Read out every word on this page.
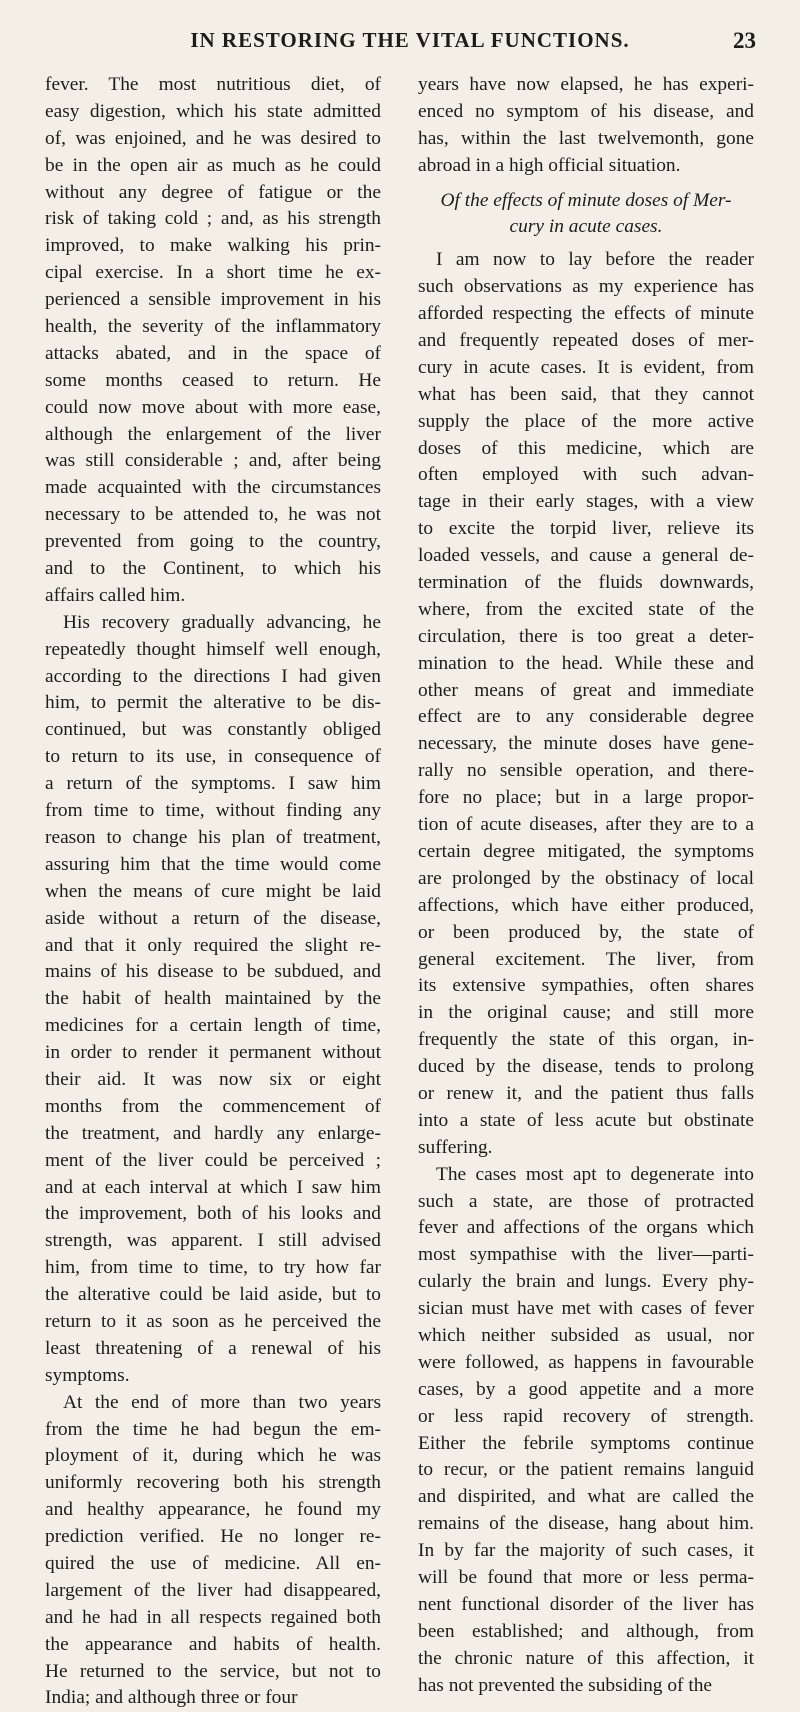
IN RESTORING THE VITAL FUNCTIONS.	23
fever. The most nutritious diet, of
easy digestion, which his state admitted
of, was enjoined, and he was desired to
be in the open air as much as he could
without any degree of fatigue or the
risk of taking cold ; and, as his strength
improved, to make walking his prin-
cipal exercise. In a short time he ex-
perienced a sensible improvement in his
health, the severity of the inflammatory
attacks abated, and in the space of
some months ceased to return. He
could now move about with more ease,
although the enlargement of the liver
was still considerable ; and, after being
made acquainted with the circumstances
necessary to be attended to, he was not
prevented from going to the country,
and to the Continent, to which his
affairs called him.
His recovery gradually advancing, he
repeatedly thought himself well enough,
according to the directions I had given
him, to permit the alterative to be dis-
continued, but was constantly obliged
to return to its use, in consequence of
a return of the symptoms. I saw him
from time to time, without finding any
reason to change his plan of treatment,
assuring him that the time would come
when the means of cure might be laid
aside without a return of the disease,
and that it only required the slight re-
mains of his disease to be subdued, and
the habit of health maintained by the
medicines for a certain length of time,
in order to render it permanent without
their aid. It was now six or eight
months from the commencement of
the treatment, and hardly any enlarge-
ment of the liver could be perceived ;
and at each interval at which I saw him
the improvement, both of his looks and
strength, was apparent. I still advised
him, from time to time, to try how far
the alterative could be laid aside, but to
return to it as soon as he perceived the
least threatening of a renewal of his
symptoms.
At the end of more than two years
from the time he had begun the em-
ployment of it, during which he was
uniformly recovering both his strength
and healthy appearance, he found my
prediction verified. He no longer re-
quired the use of medicine. All en-
largement of the liver had disappeared,
and he had in all respects regained both
the appearance and habits of health.
He returned to the service, but not to
India; and although three or four
years have now elapsed, he has experi-
enced no symptom of his disease, and
has, within the last twelvemonth, gone
abroad in a high official situation.
Of the effects of minute doses of Mer-
cury in acute cases.
I am now to lay before the reader
such observations as my experience has
afforded respecting the effects of minute
and frequently repeated doses of mer-
cury in acute cases. It is evident, from
what has been said, that they cannot
supply the place of the more active
doses of this medicine, which are
often employed with such advan-
tage in their early stages, with a view
to excite the torpid liver, relieve its
loaded vessels, and cause a general de-
termination of the fluids downwards,
where, from the excited state of the
circulation, there is too great a deter-
mination to the head. While these and
other means of great and immediate
effect are to any considerable degree
necessary, the minute doses have gene-
rally no sensible operation, and there-
fore no place; but in a large propor-
tion of acute diseases, after they are to a
certain degree mitigated, the symptoms
are prolonged by the obstinacy of local
affections, which have either produced,
or been produced by, the state of
general excitement. The liver, from
its extensive sympathies, often shares
in the original cause; and still more
frequently the state of this organ, in-
duced by the disease, tends to prolong
or renew it, and the patient thus falls
into a state of less acute but obstinate
suffering.
The cases most apt to degenerate into
such a state, are those of protracted
fever and affections of the organs which
most sympathise with the liver—parti-
cularly the brain and lungs. Every phy-
sician must have met with cases of fever
which neither subsided as usual, nor
were followed, as happens in favourable
cases, by a good appetite and a more
or less rapid recovery of strength.
Either the febrile symptoms continue
to recur, or the patient remains languid
and dispirited, and what are called the
remains of the disease, hang about him.
In by far the majority of such cases, it
will be found that more or less perma-
nent functional disorder of the liver has
been established; and although, from
the chronic nature of this affection, it
has not prevented the subsiding of the
